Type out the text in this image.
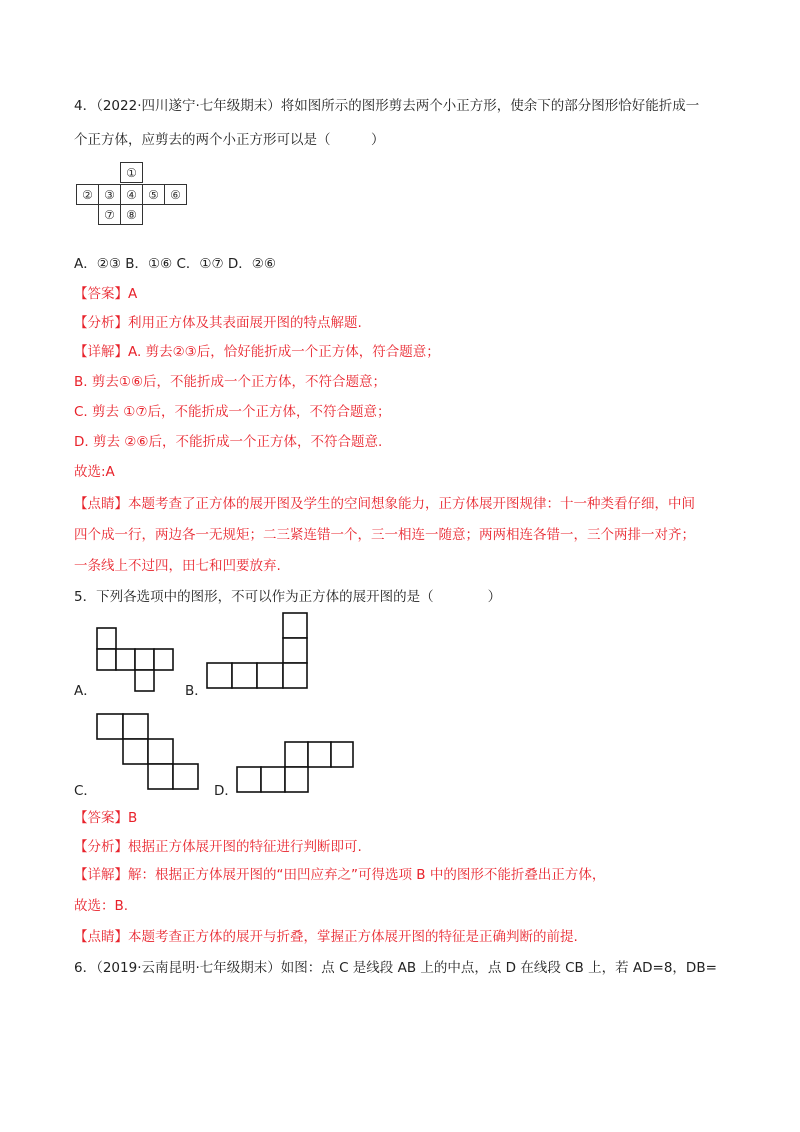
4．（2022·四川遂宁·七年级期末）将如图所示的图形剪去两个小正方形，使余下的部分图形恰好能折成一
个正方体，应剪去的两个小正方形可以是（　　　）
①
② ③ ④ ⑤ ⑥
⑦ ⑧
A．②③ B．①⑥ C．①⑦ D．②⑥
【答案】A
【分析】利用正方体及其表面展开图的特点解题.
【详解】A. 剪去②③后，恰好能折成一个正方体，符合题意；
B. 剪去①⑥后，不能折成一个正方体，不符合题意；
C. 剪去 ①⑦后，不能折成一个正方体，不符合题意；
D. 剪去 ②⑥后，不能折成一个正方体，不符合题意.
故选:A
【点睛】本题考查了正方体的展开图及学生的空间想象能力，正方体展开图规律：十一种类看仔细，中间
四个成一行，两边各一无规矩；二三紧连错一个，三一相连一随意；两两相连各错一，三个两排一对齐；
一条线上不过四，田七和凹要放弃.
5．下列各选项中的图形，不可以作为正方体的展开图的是（　　　　）
A．	B．
C．	D．
【答案】B
【分析】根据正方体展开图的特征进行判断即可.
【详解】解：根据正方体展开图的“田凹应弃之”可得选项 B 中的图形不能折叠出正方体，
故选：B.
【点睛】本题考查正方体的展开与折叠，掌握正方体展开图的特征是正确判断的前提.
6．（2019·云南昆明·七年级期末）如图：点 C 是线段 AB 上的中点，点 D 在线段 CB 上，若 AD=8，DB=
